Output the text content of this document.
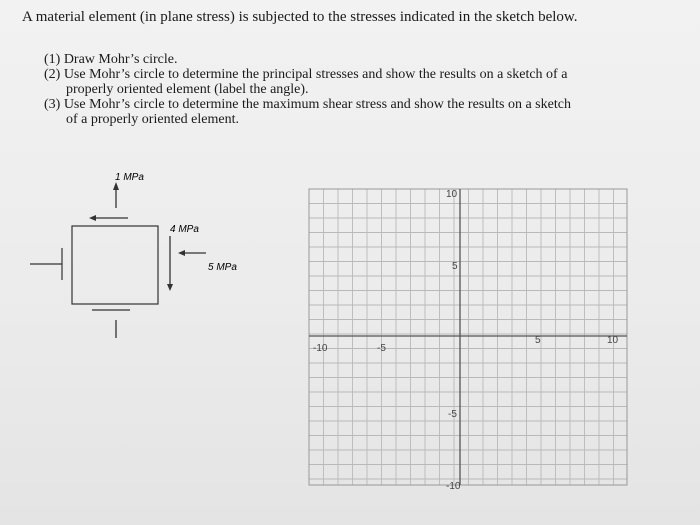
A material element (in plane stress) is subjected to the stresses indicated in the sketch below.
(1) Draw Mohr’s circle.
(2) Use Mohr’s circle to determine the principal stresses and show the results on a sketch of a
properly oriented element (label the angle).
(3) Use Mohr’s circle to determine the maximum shear stress and show the results on a sketch
of a properly oriented element.
1 MPa
4 MPa
5 MPa
-10	-5
5	10
10
5
-5
-10
